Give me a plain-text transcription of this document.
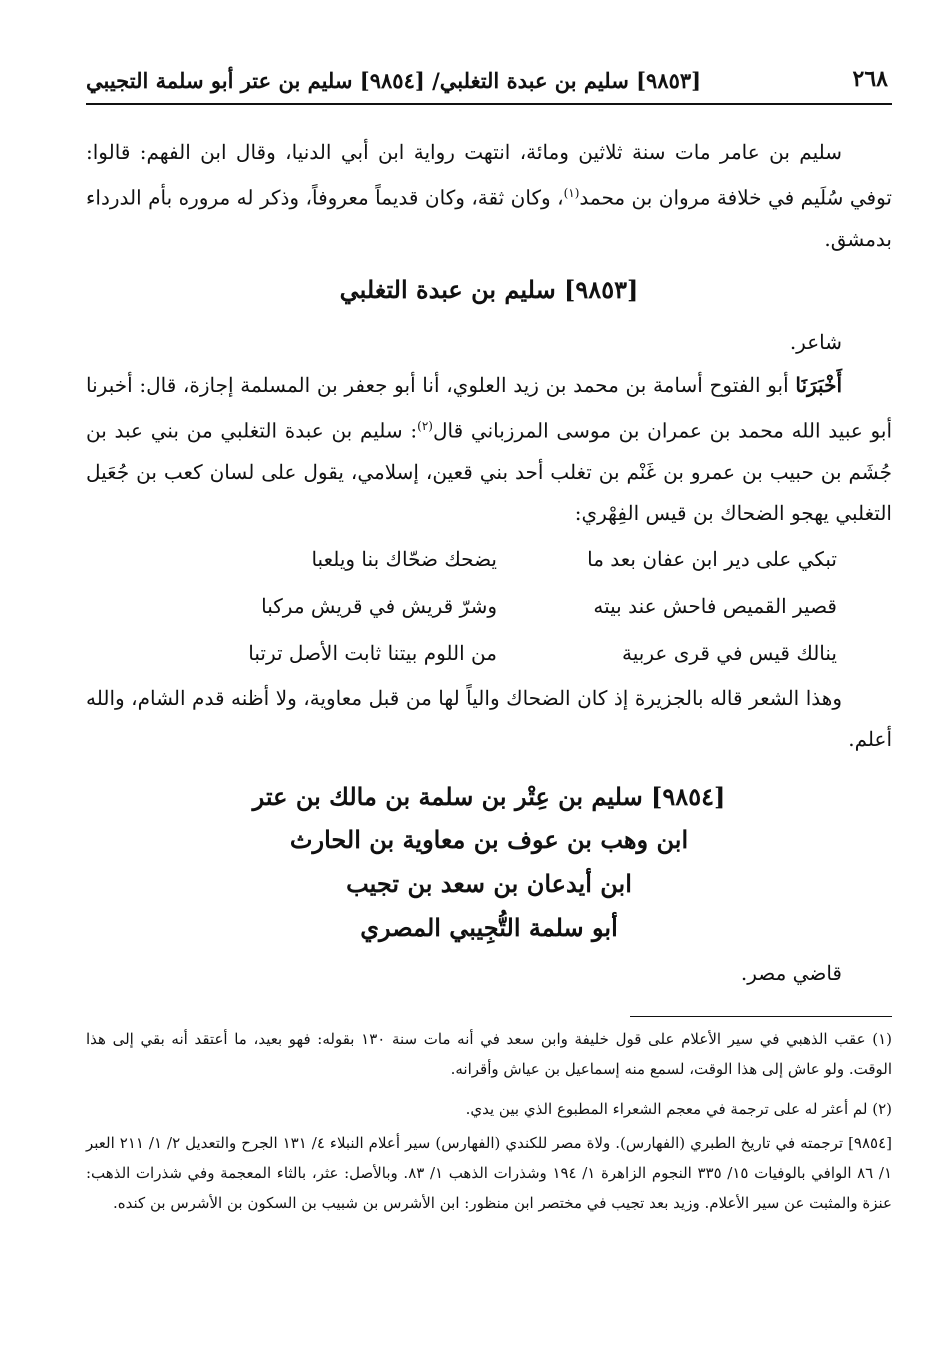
٢٦٨
[٩٨٥٣] سليم بن عبدة التغلبي/ [٩٨٥٤] سليم بن عتر أبو سلمة التجيبي

سليم بن عامر مات سنة ثلاثين ومائة، انتهت رواية ابن أبي الدنيا، وقال ابن الفهم: قالوا: توفي سُلَيم في خلافة مروان بن محمد$^{(١)}$، وكان ثقة، وكان قديماً معروفاً، وذكر له مروره بأم الدرداء بدمشق.

[٩٨٥٣] سليم بن عبدة التغلبي

شاعر.

أَخْبَرَنَا أبو الفتوح أسامة بن محمد بن زيد العلوي، أنا أبو جعفر بن المسلمة إجازة، قال: أخبرنا أبو عبيد الله محمد بن عمران بن موسى المرزباني قال$^{(٢)}$: سليم بن عبدة التغلبي من بني عبد بن جُشَم بن حبيب بن عمرو بن غَنْم بن تغلب أحد بني قعين، إسلامي، يقول على لسان كعب بن جُعَيل التغلبي يهجو الضحاك بن قيس الفِهْري:

تبكي على دير ابن عفان بعد ما
يضحك ضحّاك بنا ويلعبا
قصير القميص فاحش عند بيته
وشرّ قريش في قريش مركبا
ينالك قيس في قرى عربية
من اللوم بيتنا ثابت الأصل ترتبا

وهذا الشعر قاله بالجزيرة إذ كان الضحاك والياً لها من قبل معاوية، ولا أظنه قدم الشام، والله أعلم.

[٩٨٥٤] سليم بن عِتْر بن سلمة بن مالك بن عتر

ابن وهب بن عوف بن معاوية بن الحارث

ابن أيدعان بن سعد بن تجيب

أبو سلمة التُّجِيبي المصري

قاضي مصر.

(١) عقب الذهبي في سير الأعلام على قول خليفة وابن سعد في أنه مات سنة ١٣٠ بقوله: فهو بعيد، ما أعتقد أنه بقي إلى هذا الوقت. ولو عاش إلى هذا الوقت، لسمع منه إسماعيل بن عياش وأقرانه.

(٢) لم أعثر له على ترجمة في معجم الشعراء المطبوع الذي بين يدي.

[٩٨٥٤] ترجمته في تاريخ الطبري (الفهارس). ولاة مصر للكندي (الفهارس) سير أعلام النبلاء ٤/ ١٣١ الجرح والتعديل ٢/ ١/ ٢١١ العبر ١/ ٨٦ الوافي بالوفيات ١٥/ ٣٣٥ النجوم الزاهرة ١/ ١٩٤ وشذرات الذهب ١/ ٨٣. وبالأصل: عثر، بالثاء المعجمة وفي شذرات الذهب: عنزة والمثبت عن سير الأعلام. وزيد بعد تجيب في مختصر ابن منظور: ابن الأشرس بن شبيب بن السكون بن الأشرس بن كنده.
